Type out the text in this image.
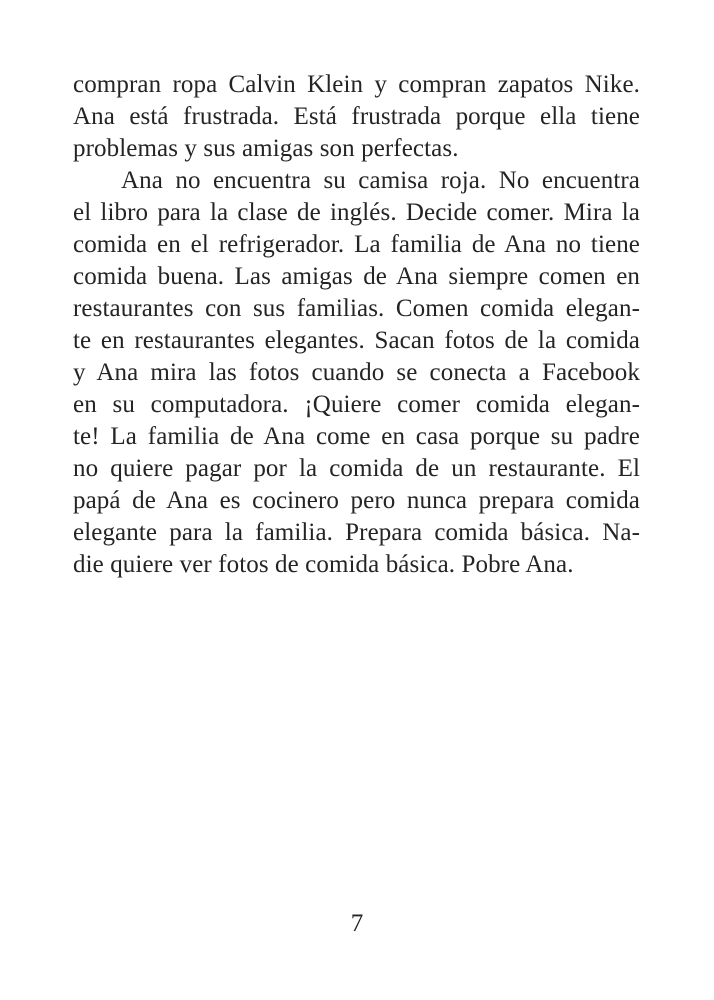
compran ropa Calvin Klein y compran zapatos Nike.
Ana está frustrada. Está frustrada porque ella tiene
problemas y sus amigas son perfectas.

Ana no encuentra su camisa roja. No encuentra
el libro para la clase de inglés. Decide comer. Mira la
comida en el refrigerador. La familia de Ana no tiene
comida buena. Las amigas de Ana siempre comen en
restaurantes con sus familias. Comen comida elegan-
te en restaurantes elegantes. Sacan fotos de la comida
y Ana mira las fotos cuando se conecta a Facebook
en su computadora. ¡Quiere comer comida elegan-
te! La familia de Ana come en casa porque su padre
no quiere pagar por la comida de un restaurante. El
papá de Ana es cocinero pero nunca prepara comida
elegante para la familia. Prepara comida básica. Na-
die quiere ver fotos de comida básica. Pobre Ana.

7
